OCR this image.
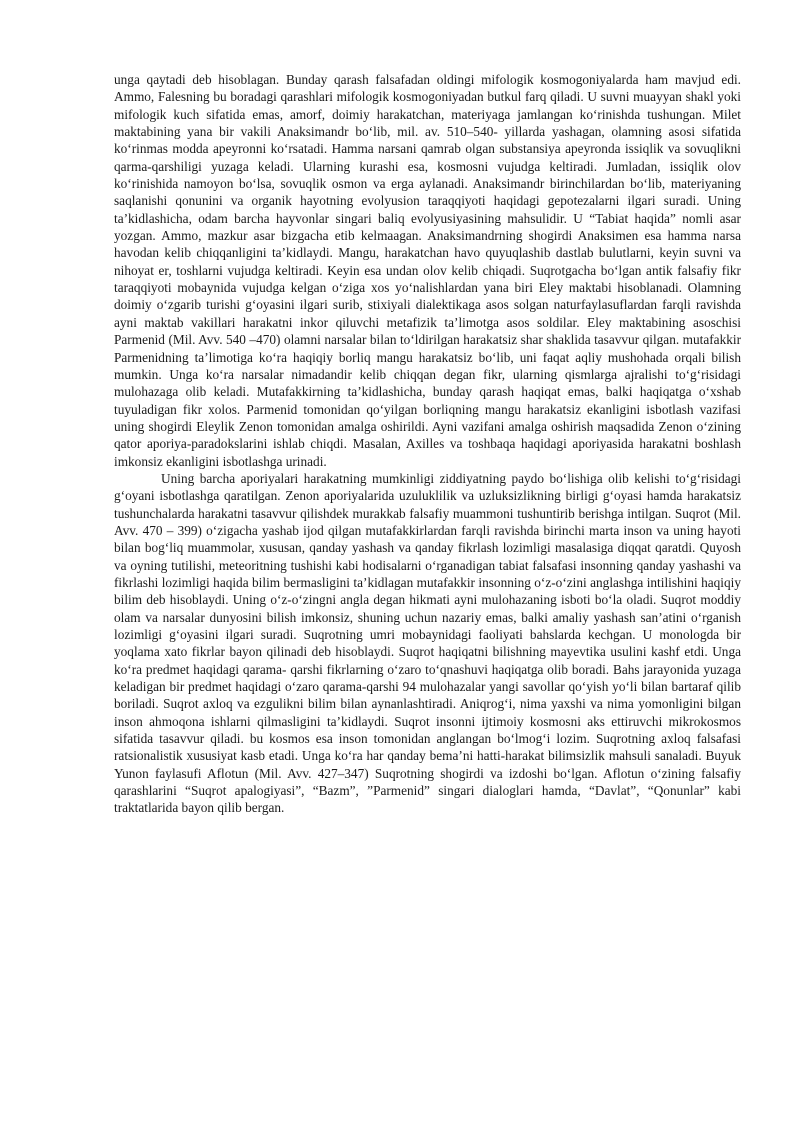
unga qaytadi deb hisoblagan. Bunday qarash falsafadan oldingi mifologik kosmogoniyalarda ham mavjud edi. Ammo, Falesning bu boradagi qarashlari mifologik kosmogoniyadan butkul farq qiladi. U suvni muayyan shakl yoki mifologik kuch sifatida emas, amorf, doimiy harakatchan, materiyaga jamlangan ko‘rinishda tushungan. Milet maktabining yana bir vakili Anaksimandr bo‘lib, mil. av. 510–540- yillarda yashagan, olamning asosi sifatida ko‘rinmas modda apeyronni ko‘rsatadi. Hamma narsani qamrab olgan substansiya apeyronda issiqlik va sovuqlikni qarma-qarshiligi yuzaga keladi. Ularning kurashi esa, kosmosni vujudga keltiradi. Jumladan, issiqlik olov ko‘rinishida namoyon bo‘lsa, sovuqlik osmon va erga aylanadi. Anaksimandr birinchilardan bo‘lib, materiyaning saqlanishi qonunini va organik hayotning evolyusion taraqqiyoti haqidagi gepotezalarni ilgari suradi. Uning ta’kidlashicha, odam barcha hayvonlar singari baliq evolyusiyasining mahsulidir. U “Tabiat haqida” nomli asar yozgan. Ammo, mazkur asar bizgacha etib kelmaagan. Anaksimandrning shogirdi Anaksimen esa hamma narsa havodan kelib chiqqanligini ta’kidlaydi. Mangu, harakatchan havo quyuqlashib dastlab bulutlarni, keyin suvni va nihoyat er, toshlarni vujudga keltiradi. Keyin esa undan olov kelib chiqadi. Suqrotgacha bo‘lgan antik falsafiy fikr taraqqiyoti mobaynida vujudga kelgan o‘ziga xos yo‘nalishlardan yana biri Eley maktabi hisoblanadi. Olamning doimiy o‘zgarib turishi g‘oyasini ilgari surib, stixiyali dialektikaga asos solgan naturfaylasuflardan farqli ravishda ayni maktab vakillari harakatni inkor qiluvchi metafizik ta’limotga asos soldilar. Eley maktabining asoschisi Parmenid (Mil. Avv. 540 –470) olamni narsalar bilan to‘ldirilgan harakatsiz shar shaklida tasavvur qilgan. mutafakkir Parmenidning ta’limotiga ko‘ra haqiqiy borliq mangu harakatsiz bo‘lib, uni faqat aqliy mushohada orqali bilish mumkin. Unga ko‘ra narsalar nimadandir kelib chiqqan degan fikr, ularning qismlarga ajralishi to‘g‘risidagi mulohazaga olib keladi. Mutafakkirning ta’kidlashicha, bunday qarash haqiqat emas, balki haqiqatga o‘xshab tuyuladigan fikr xolos. Parmenid tomonidan qo‘yilgan borliqning mangu harakatsiz ekanligini isbotlash vazifasi uning shogirdi Eleylik Zenon tomonidan amalga oshirildi. Ayni vazifani amalga oshirish maqsadida Zenon o‘zining qator aporiya-paradokslarini ishlab chiqdi. Masalan, Axilles va toshbaqa haqidagi aporiyasida harakatni boshlash imkonsiz ekanligini isbotlashga urinadi.

Uning barcha aporiyalari harakatning mumkinligi ziddiyatning paydo bo‘lishiga olib kelishi to‘g‘risidagi g‘oyani isbotlashga qaratilgan. Zenon aporiyalarida uzuluklilik va uzluksizlikning birligi g‘oyasi hamda harakatsiz tushunchalarda harakatni tasavvur qilishdek murakkab falsafiy muammoni tushuntirib berishga intilgan. Suqrot (Mil. Avv. 470 – 399) o‘zigacha yashab ijod qilgan mutafakkirlardan farqli ravishda birinchi marta inson va uning hayoti bilan bog‘liq muammolar, xususan, qanday yashash va qanday fikrlash lozimligi masalasiga diqqat qaratdi. Quyosh va oyning tutilishi, meteoritning tushishi kabi hodisalarni o‘rganadigan tabiat falsafasi insonning qanday yashashi va fikrlashi lozimligi haqida bilim bermasligini ta’kidlagan mutafakkir insonning o‘z-o‘zini anglashga intilishini haqiqiy bilim deb hisoblaydi. Uning o‘z-o‘zingni angla degan hikmati ayni mulohazaning isboti bo‘la oladi. Suqrot moddiy olam va narsalar dunyosini bilish imkonsiz, shuning uchun nazariy emas, balki amaliy yashash san’atini o‘rganish lozimligi g‘oyasini ilgari suradi. Suqrotning umri mobaynidagi faoliyati bahslarda kechgan. U monologda bir yoqlama xato fikrlar bayon qilinadi deb hisoblaydi. Suqrot haqiqatni bilishning mayevtika usulini kashf etdi. Unga ko‘ra predmet haqidagi qarama- qarshi fikrlarning o‘zaro to‘qnashuvi haqiqatga olib boradi. Bahs jarayonida yuzaga keladigan bir predmet haqidagi o‘zaro qarama-qarshi 94 mulohazalar yangi savollar qo‘yish yo‘li bilan bartaraf qilib boriladi. Suqrot axloq va ezgulikni bilim bilan aynanlashtiradi. Aniqrog‘i, nima yaxshi va nima yomonligini bilgan inson ahmoqona ishlarni qilmasligini ta’kidlaydi. Suqrot insonni ijtimoiy kosmosni aks ettiruvchi mikrokosmos sifatida tasavvur qiladi. bu kosmos esa inson tomonidan anglangan bo‘lmog‘i lozim. Suqrotning axloq falsafasi ratsionalistik xususiyat kasb etadi. Unga ko‘ra har qanday bema’ni hatti-harakat bilimsizlik mahsuli sanaladi. Buyuk Yunon faylasufi Aflotun (Mil. Avv. 427–347) Suqrotning shogirdi va izdoshi bo‘lgan. Aflotun o‘zining falsafiy qarashlarini “Suqrot apalogiyasi”, “Bazm”, ”Parmenid” singari dialoglari hamda, “Davlat”, “Qonunlar” kabi traktatlarida bayon qilib bergan.
